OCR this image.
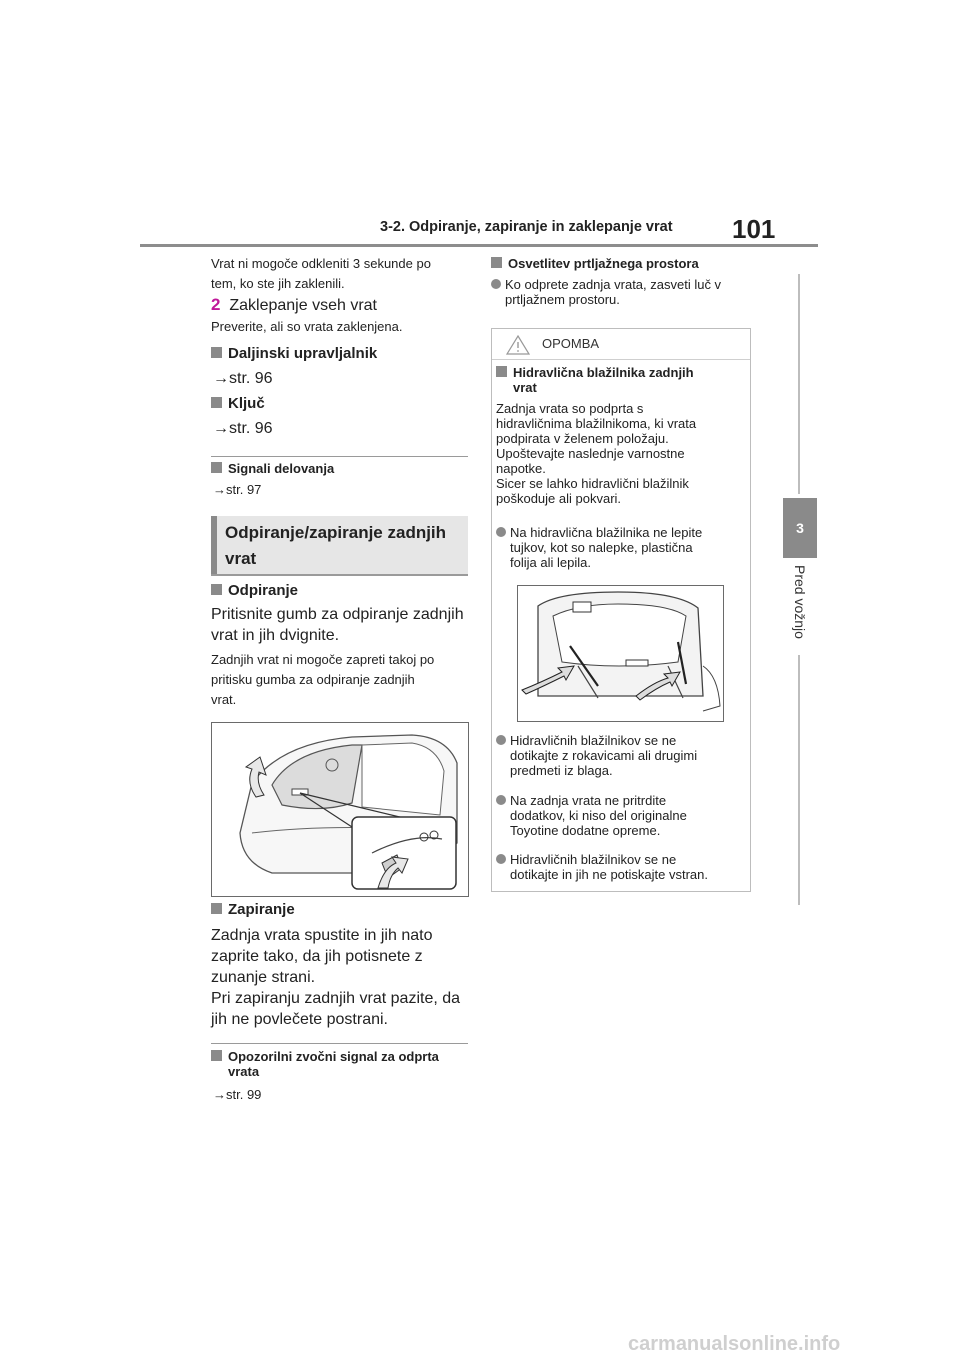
3-2. Odpiranje, zapiranje in zaklepanje vrat 101
3
Pred vožnjo
Vrat ni mogoče odkleniti 3 sekunde po
tem, ko ste jih zaklenili.
2 Zaklepanje vseh vrat
Preverite, ali so vrata zaklenjena.
Daljinski upravljalnik
→str. 96
Ključ
→str. 96
Signali delovanja
→str. 97
Odpiranje/zapiranje zadnjih
vrat
Odpiranje
Pritisnite gumb za odpiranje zadnjih
vrat in jih dvignite.
Zadnjih vrat ni mogoče zapreti takoj po
pritisku gumba za odpiranje zadnjih
vrat.
Zapiranje
Zadnja vrata spustite in jih nato
zaprite tako, da jih potisnete z
zunanje strani.
Pri zapiranju zadnjih vrat pazite, da
jih ne povlečete postrani.
Opozorilni zvočni signal za odprta
vrata
→str. 99
Osvetlitev prtljažnega prostora
Ko odprete zadnja vrata, zasveti luč v
prtljažnem prostoru.
OPOMBA
Hidravlična blažilnika zadnjih
vrat
Zadnja vrata so podprta s
hidravličnima blažilnikoma, ki vrata
podpirata v želenem položaju.
Upoštevajte naslednje varnostne
napotke.
Sicer se lahko hidravlični blažilnik
poškoduje ali pokvari.
Na hidravlična blažilnika ne lepite
tujkov, kot so nalepke, plastična
folija ali lepila.
Hidravličnih blažilnikov se ne
dotikajte z rokavicami ali drugimi
predmeti iz blaga.
Na zadnja vrata ne pritrdite
dodatkov, ki niso del originalne
Toyotine dodatne opreme.
Hidravličnih blažilnikov se ne
dotikajte in jih ne potiskajte vstran.
carmanualsonline.info
